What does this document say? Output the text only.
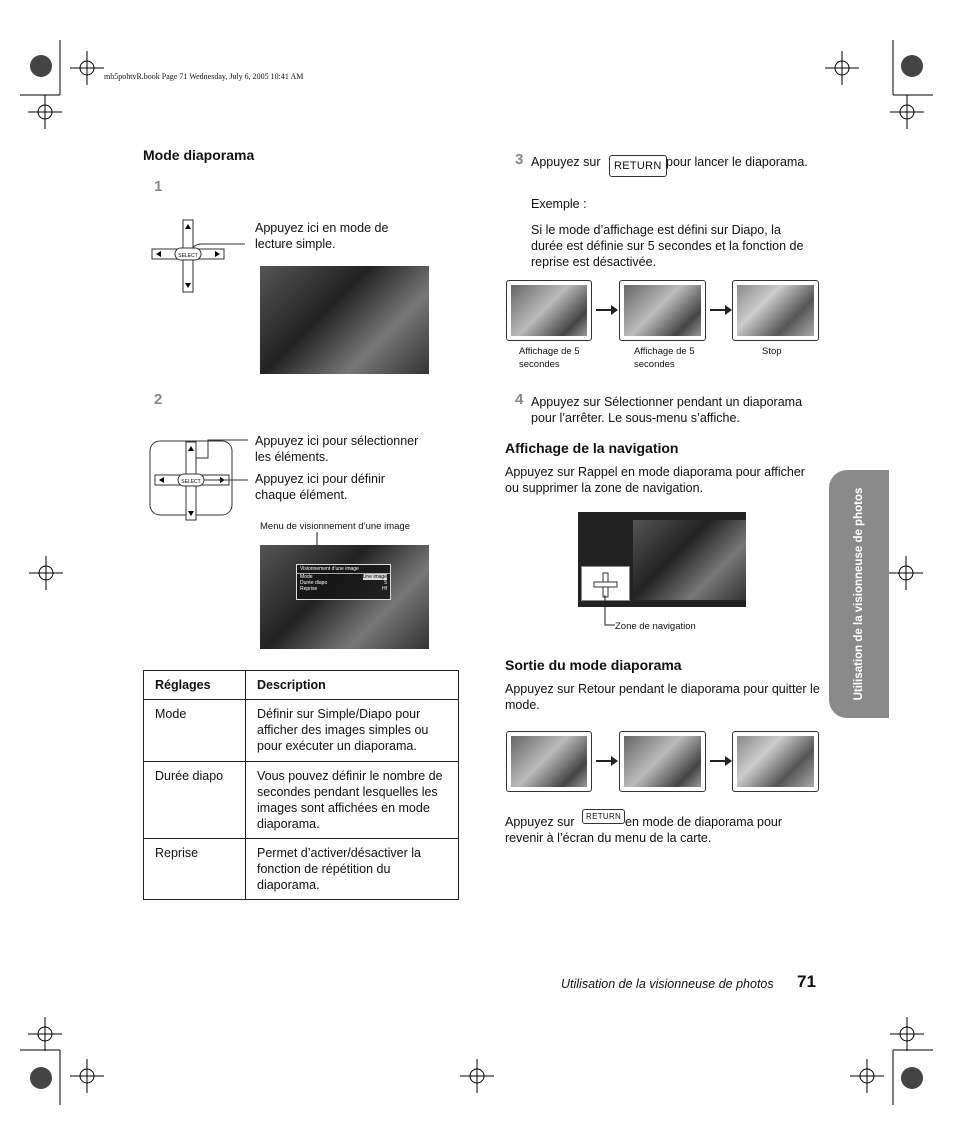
mb5pohtvR.book Page 71 Wednesday, July 6, 2005 10:41 AM
Mode diaporama
1
SELECT
Appuyez ici en mode de lecture simple.
2
SELECT
Appuyez ici pour sélectionner les éléments.
Appuyez ici pour définir chaque élément.
Menu de visionnement d’une image
Visionnement d’une image
Mode	Une image
Durée diapo	5
Reprise	Hf
Réglages	Description
Mode	Définir sur Simple/Diapo pour afficher des images simples ou pour exécuter un diaporama.
Durée diapo	Vous pouvez définir le nombre de secondes pendant lesquelles les images sont affichées en mode diaporama.
Reprise	Permet d’activer/désactiver la fonction de répétition du diaporama.
3 Appuyez sur	RETURN pour lancer le diaporama.
Exemple :
Si le mode d’affichage est défini sur Diapo, la durée est définie sur 5 secondes et la fonction de reprise est désactivée.
Affichage de 5 secondes
Affichage de 5 secondes
Stop
4 Appuyez sur Sélectionner pendant un diaporama pour l’arrêter. Le sous-menu s’affiche.
Affichage de la navigation
Appuyez sur Rappel en mode diaporama pour afficher ou supprimer la zone de navigation.
Zone de navigation
Sortie du mode diaporama
Appuyez sur Retour pendant le diaporama pour quitter le mode.
Appuyez sur	RETURN en mode de diaporama pour revenir à l’écran du menu de la carte.
Utilisation de la visionneuse de photos
Utilisation de la visionneuse de photos 71
